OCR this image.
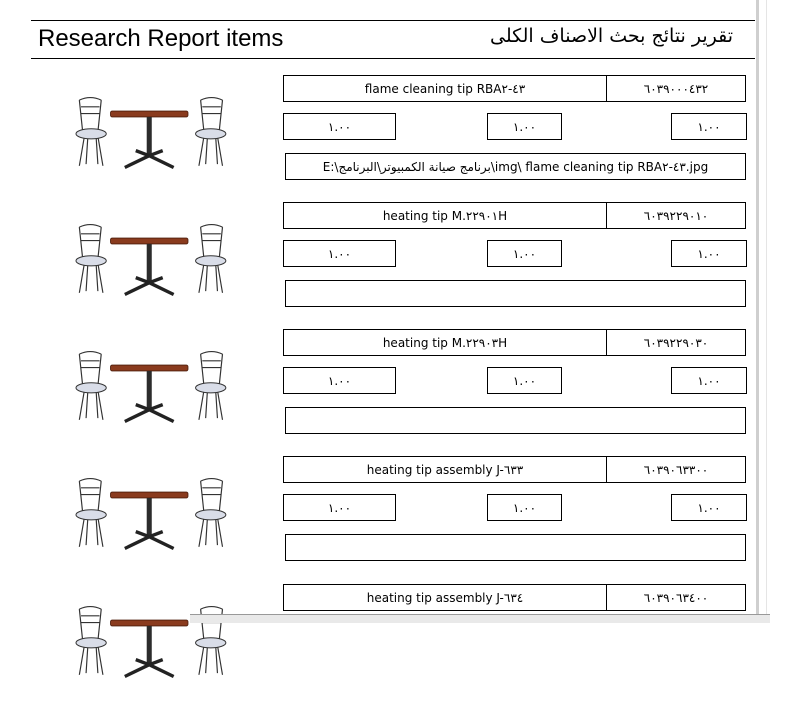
Research Report items	تقرير نتائج بحث الاصناف الكلى
flame cleaning tip RBA٤٣-٢	٦٠٣٩٠٠٠٤٣٢
١.٠٠	١.٠٠	١.٠٠
E:\برنامج صيانة الكمبيوتر\البرنامج\img\ flame cleaning tip RBA٤٣-٢.jpg
heating tip M.٢٢٩٠١H	٦٠٣٩٢٢٩٠١٠
١.٠٠	١.٠٠	١.٠٠
heating tip M.٢٢٩٠٣H	٦٠٣٩٢٢٩٠٣٠
١.٠٠	١.٠٠	١.٠٠
heating tip assembly J-٦٣٣	٦٠٣٩٠٦٣٣٠٠
١.٠٠	١.٠٠	١.٠٠
heating tip assembly J-٦٣٤	٦٠٣٩٠٦٣٤٠٠
